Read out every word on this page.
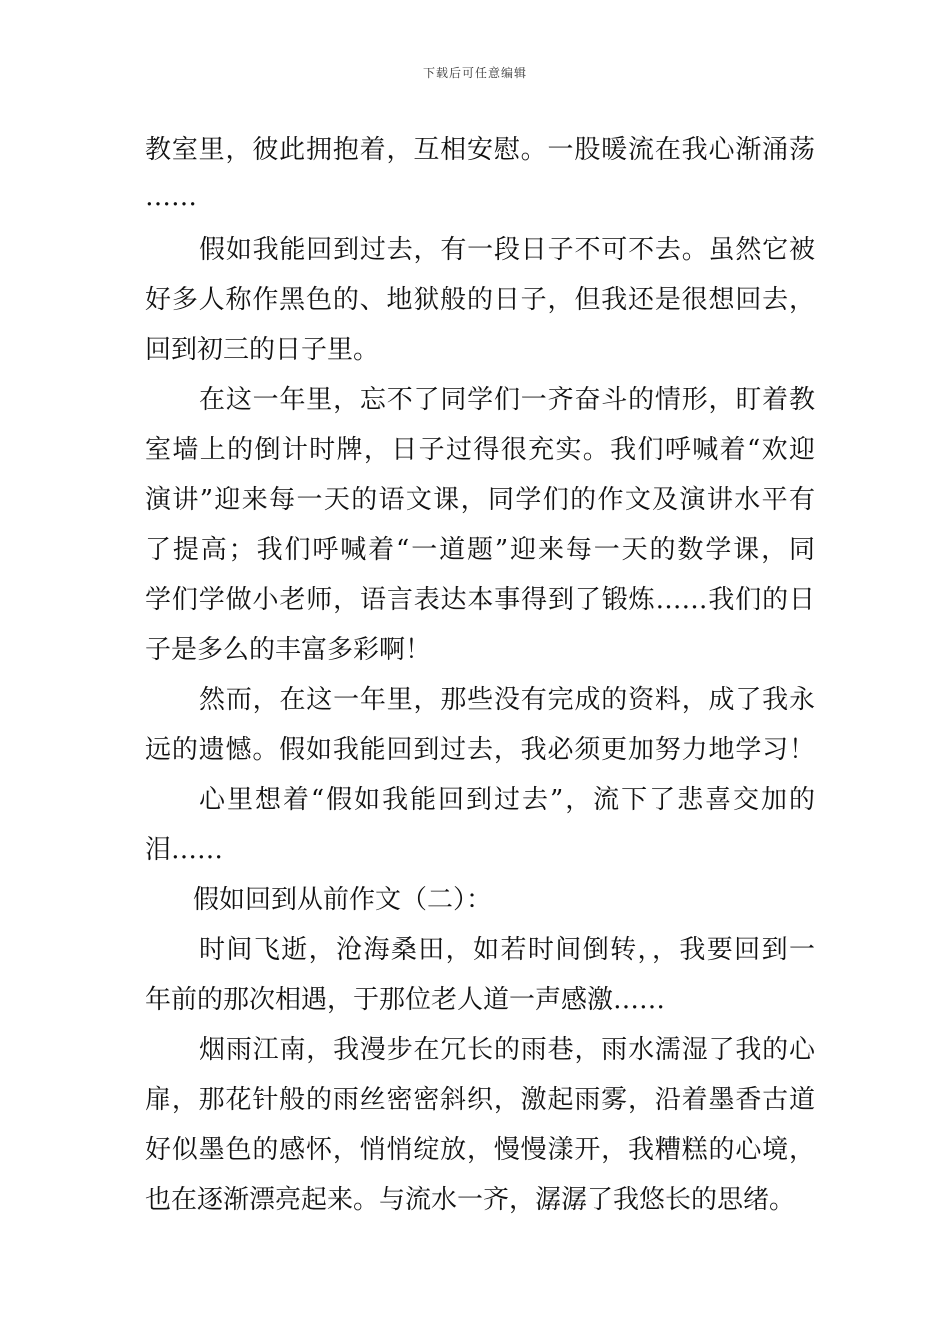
下载后可任意编辑
教室里，彼此拥抱着，互相安慰。一股暖流在我心渐涌荡
……
假如我能回到过去，有一段日子不可不去。虽然它被
好多人称作黑色的、地狱般的日子，但我还是很想回去，
回到初三的日子里。
在这一年里，忘不了同学们一齐奋斗的情形，盯着教
室墙上的倒计时牌，日子过得很充实。我们呼喊着“欢迎
演讲”迎来每一天的语文课，同学们的作文及演讲水平有
了提高；我们呼喊着“一道题”迎来每一天的数学课，同
学们学做小老师，语言表达本事得到了锻炼……我们的日
子是多么的丰富多彩啊！
然而，在这一年里，那些没有完成的资料，成了我永
远的遗憾。假如我能回到过去，我必须更加努力地学习！
心里想着“假如我能回到过去”，流下了悲喜交加的
泪……
假如回到从前作文（二）：
时间飞逝，沧海桑田，如若时间倒转，，我要回到一
年前的那次相遇，于那位老人道一声感激……
烟雨江南，我漫步在冗长的雨巷，雨水濡湿了我的心
扉，那花针般的雨丝密密斜织，激起雨雾，沿着墨香古道
好似墨色的感怀，悄悄绽放，慢慢漾开，我糟糕的心境，
也在逐渐漂亮起来。与流水一齐，潺潺了我悠长的思绪。
